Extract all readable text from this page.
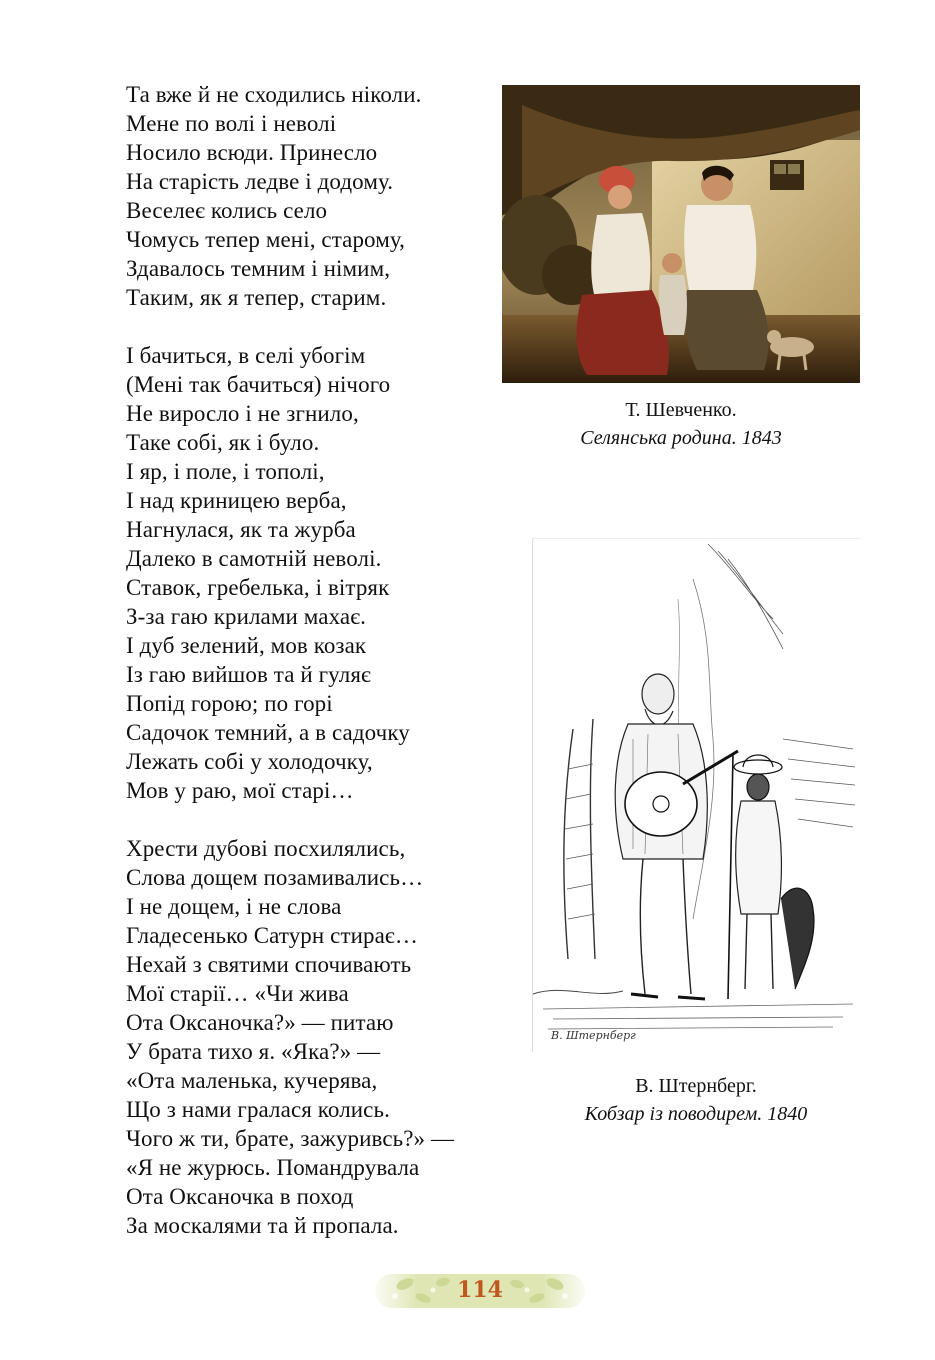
Та вже й не сходились ніколи.
Мене по волі і неволі
Носило всюди. Принесло
На старість ледве і додому.
Веселеє колись село
Чомусь тепер мені, старому,
Здавалось темним і німим,
Таким, як я тепер, старим.
І бачиться, в селі убогім
(Мені так бачиться) нічого
Не виросло і не згнило,
Таке собі, як і було.
І яр, і поле, і тополі,
І над криницею верба,
Нагнулася, як та журба
Далеко в самотній неволі.
Ставок, гребелька, і вітряк
З-за гаю крилами махає.
І дуб зелений, мов козак
Із гаю вийшов та й гуляє
Попід горою; по горі
Садочок темний, а в садочку
Лежать собі у холодочку,
Мов у раю, мої старі…
Хрести дубові посхилялись,
Слова дощем позамивались…
І не дощем, і не слова
Гладесенько Сатурн стирає…
Нехай з святими спочивають
Мої старії… «Чи жива
Ота Оксаночка?» — питаю
У брата тихо я. «Яка?» —
«Ота маленька, кучерява,
Що з нами гралася колись.
Чого ж ти, брате, зажуривсь?» —
«Я не журюсь. Помандрувала
Ота Оксаночка в поход
За москалями та й пропала.
Т. Шевченко.
Селянська родина. 1843
В. Штернберг
В. Штернберг.
Кобзар із поводирем. 1840
114
